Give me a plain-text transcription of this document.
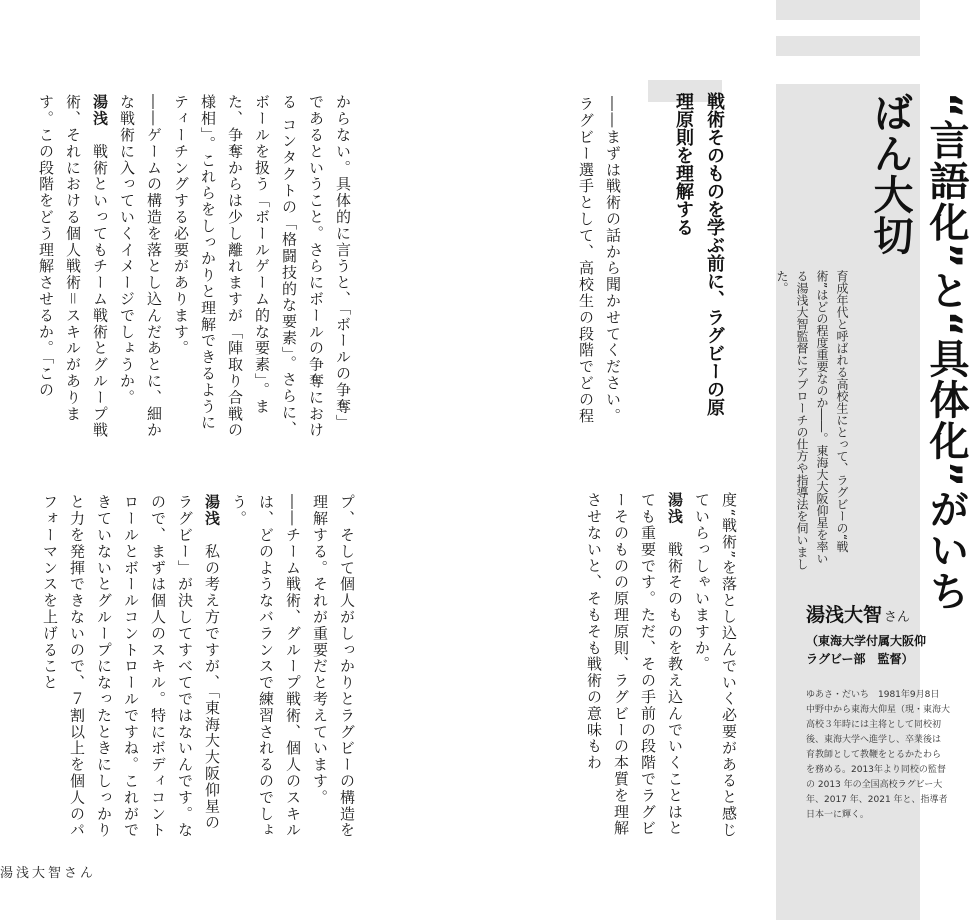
“言語化”と“具体化”がいちばん大切
育成年代と呼ばれる高校生にとって、ラグビーの“戦術”はどの程度重要なのか――。東海大大阪仰星を率いる湯浅大智監督にアプローチの仕方や指導法を伺いました。
湯浅大智 さん
（東海大学付属大阪仰
ラグビー部　監督）
ゆあさ・だいち　1981年9月8日
中野中から東海大仰星（現・東海大
高校３年時には主将として同校初
後、東海大学へ進学し、卒業後は
育教師として教鞭をとるかたわら
を務める。2013年より同校の監督
の 2013 年の全国高校ラグビー大
年、2017 年、2021 年と、指導者
日本一に輝く。
戦術そのものを学ぶ前に、ラグビーの原理原則を理解する
――まずは戦術の話から聞かせてください。ラグビー選手として、高校生の段階でどの程

度“戦術”を落とし込んでいく必要があると感じていらっしゃいますか。

湯浅　戦術そのものを教え込んでいくことはとても重要です。ただ、その手前の段階でラグビーそのものの原理原則、ラグビーの本質を理解させないと、そもそも戦術の意味もわ

からない。具体的に言うと、「ボールの争奪」であるということ。さらにボールの争奪における コンタクトの「格闘技的な要素」。さらに、ボールを扱う「ボールゲーム的な要素」。また、争奪からは少し離れますが「陣取り合戦の様相」。これらをしっかりと理解できるようにティーチングする必要があります。

――ゲームの構造を落とし込んだあとに、細かな戦術に入っていくイメージでしょうか。

湯浅　戦術といってもチーム戦術とグループ戦術、それにおける個人戦術＝スキルがあります。この段階をどう理解させるか。「この

プ、そして個人がしっかりとラグビーの構造を理解する。それが重要だと考えています。

――チーム戦術、グループ戦術、個人のスキルは、どのようなバランスで練習されるのでしょう。

湯浅　私の考え方ですが、「東海大大阪仰星のラグビー」が決してすべてではないんです。なので、まずは個人のスキル。特にボディコントロールとボールコントロールですね。これができていないとグループになったときにしっかりと力を発揮できないので、７割以上を個人のパフォーマンスを上げること

湯浅大智さん
